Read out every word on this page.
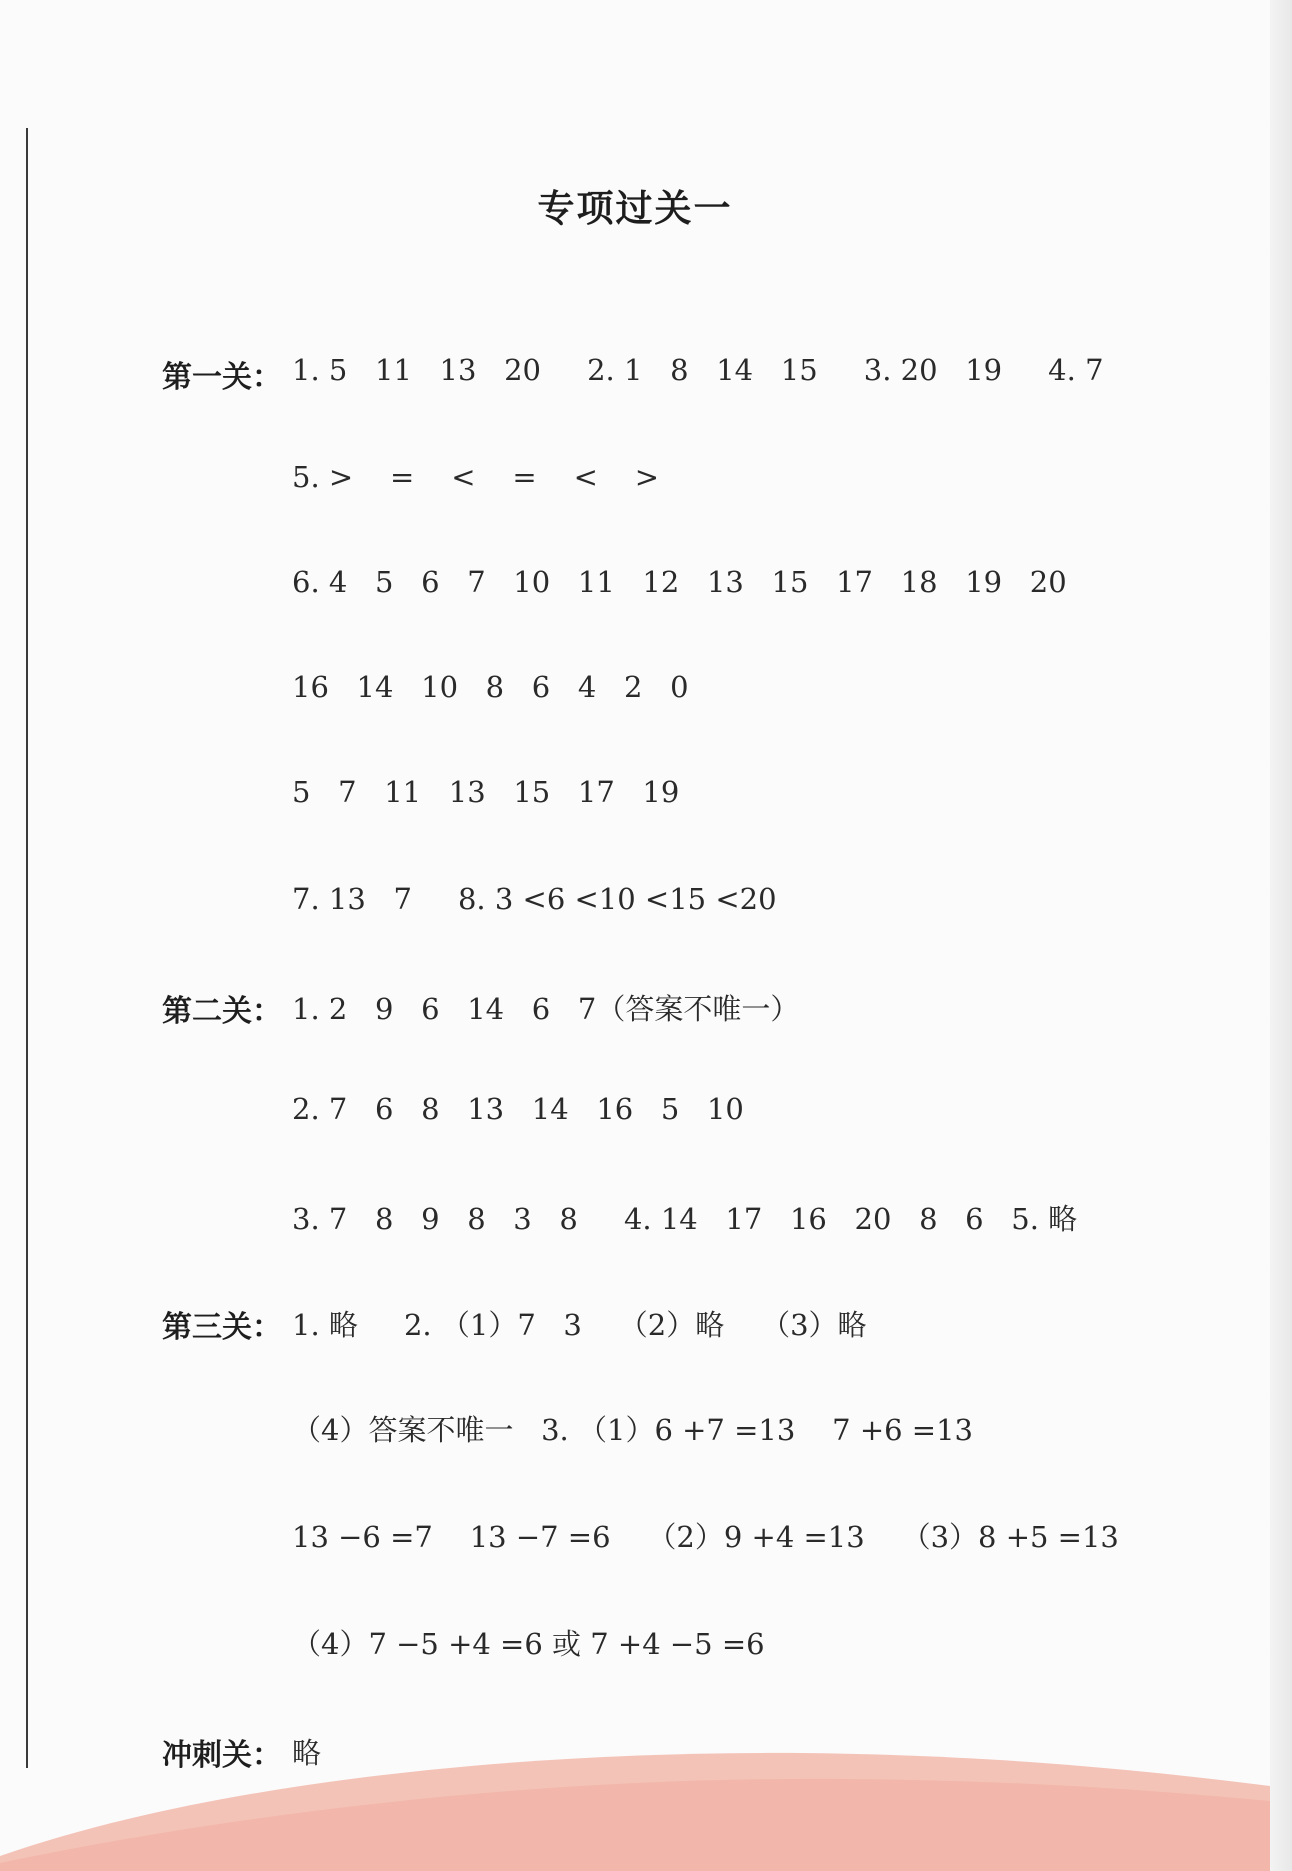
专项过关一
第一关： 1. 5   11   13   20     2. 1   8   14   15     3. 20   19     4. 7
5. >    =    <    =    <    >
6. 4   5   6   7   10   11   12   13   15   17   18   19   20
16   14   10   8   6   4   2   0
5   7   11   13   15   17   19
7. 13   7     8. 3 <6 <10 <15 <20
第二关： 1. 2   9   6   14   6   7（答案不唯一）
2. 7   6   8   13   14   16   5   10
3. 7   8   9   8   3   8     4. 14   17   16   20   8   6   5. 略
第三关： 1. 略     2. （1）7   3    （2）略    （3）略
（4）答案不唯一   3. （1）6 +7 =13    7 +6 =13
13 −6 =7    13 −7 =6    （2）9 +4 =13    （3）8 +5 =13
（4）7 −5 +4 =6 或 7 +4 −5 =6
冲刺关： 略
